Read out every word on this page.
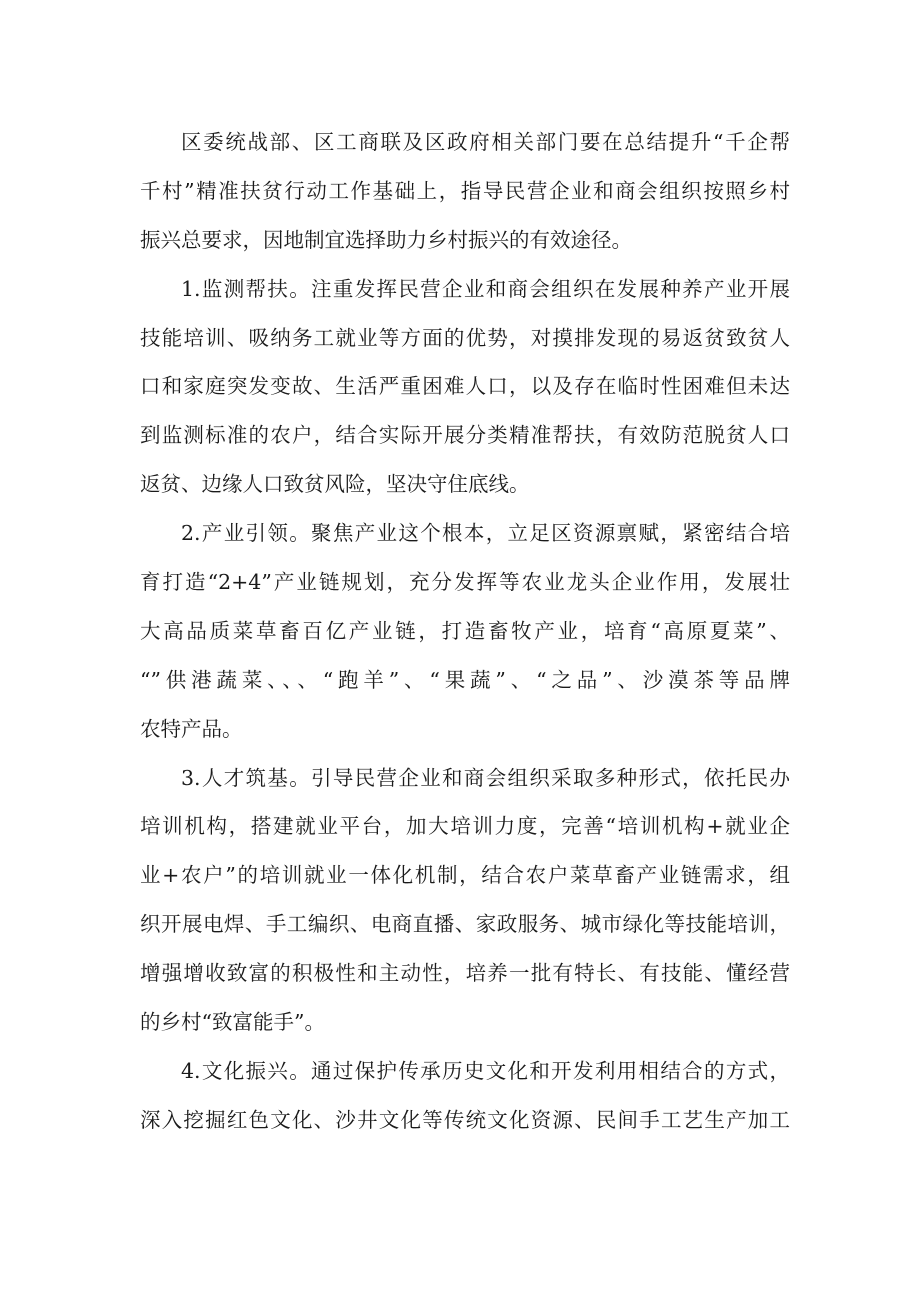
区委统战部、区工商联及区政府相关部门要在总结提升“千企帮
千村”精准扶贫行动工作基础上，指导民营企业和商会组织按照乡村
振兴总要求，因地制宜选择助力乡村振兴的有效途径。
1.监测帮扶。注重发挥民营企业和商会组织在发展种养产业开展
技能培训、吸纳务工就业等方面的优势，对摸排发现的易返贫致贫人
口和家庭突发变故、生活严重困难人口，以及存在临时性困难但未达
到监测标准的农户，结合实际开展分类精准帮扶，有效防范脱贫人口
返贫、边缘人口致贫风险，坚决守住底线。
2.产业引领。聚焦产业这个根本，立足区资源禀赋，紧密结合培
育打造“2+4”产业链规划，充分发挥等农业龙头企业作用，发展壮
大高品质菜草畜百亿产业链，打造畜牧产业，培育“高原夏菜”、
“”供港蔬菜、、、“跑羊”、“果蔬”、“之品”、沙漠茶等品牌
农特产品。
3.人才筑基。引导民营企业和商会组织采取多种形式，依托民办
培训机构，搭建就业平台，加大培训力度，完善“培训机构+就业企
业+农户”的培训就业一体化机制，结合农户菜草畜产业链需求，组
织开展电焊、手工编织、电商直播、家政服务、城市绿化等技能培训，
增强增收致富的积极性和主动性，培养一批有特长、有技能、懂经营
的乡村“致富能手”。
4.文化振兴。通过保护传承历史文化和开发利用相结合的方式，
深入挖掘红色文化、沙井文化等传统文化资源、民间手工艺生产加工
